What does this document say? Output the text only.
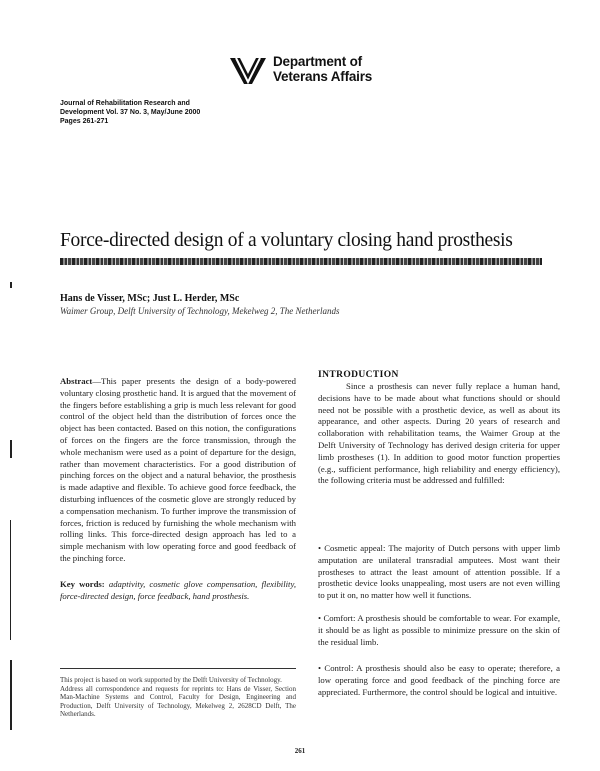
Department of
Veterans Affairs
Journal of Rehabilitation Research and
Development Vol. 37 No. 3, May/June 2000
Pages 261-271
Force-directed design of a voluntary closing hand prosthesis
Hans de Visser, MSc; Just L. Herder, MSc
Waimer Group, Delft University of Technology, Mekelweg 2, The Netherlands
Abstract—This paper presents the design of a body-powered voluntary closing prosthetic hand. It is argued that the movement of the fingers before establishing a grip is much less relevant for good control of the object held than the distribution of forces once the object has been contacted. Based on this notion, the configurations of forces on the fingers are the force transmission, through the whole mechanism were used as a point of departure for the design, rather than movement characteristics. For a good distribution of pinching forces on the object and a natural behavior, the prosthesis is made adaptive and flexible. To achieve good force feedback, the disturbing influences of the cosmetic glove are strongly reduced by a compensation mechanism. To further improve the transmission of forces, friction is reduced by furnishing the whole mechanism with rolling links. This force-directed design approach has led to a simple mechanism with low operating force and good feedback of the pinching force.
Key words: adaptivity, cosmetic glove compensation, flexibility, force-directed design, force feedback, hand prosthesis.
This project is based on work supported by the Delft University of Technology.
Address all correspondence and requests for reprints to: Hans de Visser, Section Man-Machine Systems and Control, Faculty for Design, Engineering and Production, Delft University of Technology, Mekelweg 2, 2628CD Delft, The Netherlands.
INTRODUCTION
Since a prosthesis can never fully replace a human hand, decisions have to be made about what functions should or should need not be possible with a prosthetic device, as well as about its appearance, and other aspects. During 20 years of research and collaboration with rehabilitation teams, the Waimer Group at the Delft University of Technology has derived design criteria for upper limb prostheses (1). In addition to good motor function properties (e.g., sufficient performance, high reliability and energy efficiency), the following criteria must be addressed and fulfilled:
• Cosmetic appeal: The majority of Dutch persons with upper limb amputation are unilateral transradial amputees. Most want their prostheses to attract the least amount of attention possible. If a prosthetic device looks unappealing, most users are not even willing to put it on, no matter how well it functions.
• Comfort: A prosthesis should be comfortable to wear. For example, it should be as light as possible to minimize pressure on the skin of the residual limb.
• Control: A prosthesis should also be easy to operate; therefore, a low operating force and good feedback of the pinching force are appreciated. Furthermore, the control should be logical and intuitive.
261
